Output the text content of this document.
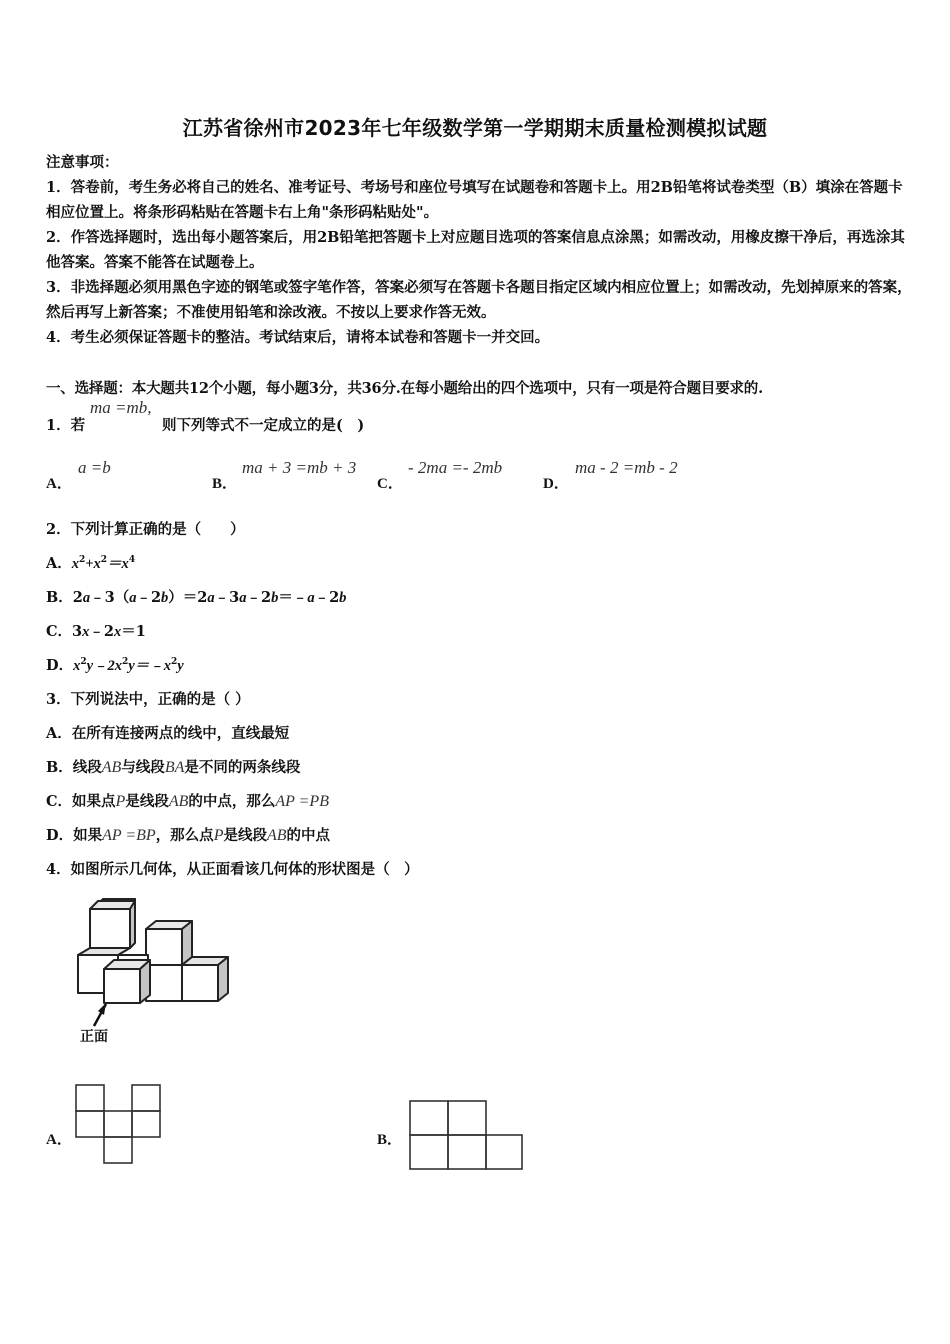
江苏省徐州市2023年七年级数学第一学期期末质量检测模拟试题

注意事项：

1．答卷前，考生务必将自己的姓名、准考证号、考场号和座位号填写在试题卷和答题卡上。用2B铅笔将试卷类型（B）填涂在答题卡相应位置上。将条形码粘贴在答题卡右上角"条形码粘贴处"。

2．作答选择题时，选出每小题答案后，用2B铅笔把答题卡上对应题目选项的答案信息点涂黑；如需改动，用橡皮擦干净后，再选涂其他答案。答案不能答在试题卷上。

3．非选择题必须用黑色字迹的钢笔或签字笔作答，答案必须写在答题卡各题目指定区域内相应位置上；如需改动，先划掉原来的答案，然后再写上新答案；不准使用铅笔和涂改液。不按以上要求作答无效。

4．考生必须保证答题卡的整洁。考试结束后，请将本试卷和答题卡一并交回。

一、选择题：本大题共12个小题，每小题3分，共36分.在每小题给出的四个选项中，只有一项是符合题目要求的.
1．若
ma =mb,
则下列等式不一定成立的是(　)
A．
a =b
B．
ma + 3 =mb + 3
C．
- 2ma =- 2mb
D．
ma - 2 =mb - 2
2．下列计算正确的是（　　）
A．$x^2+x^2=x^4$
B．2a﹣3（a﹣2b）＝2a﹣3a﹣2b＝﹣a﹣2b
C．3x﹣2x＝1
D．$x^2y﹣2x^2y=﹣x^2y$
3．下列说法中，正确的是（ ）
A．在所有连接两点的线中，直线最短
B．线段AB与线段BA是不同的两条线段
C．如果点P是线段AB的中点，那么AP =PB
D．如果AP =BP，那么点P是线段AB的中点
4．如图所示几何体，从正面看该几何体的形状图是（　）
正面
A．	B．
